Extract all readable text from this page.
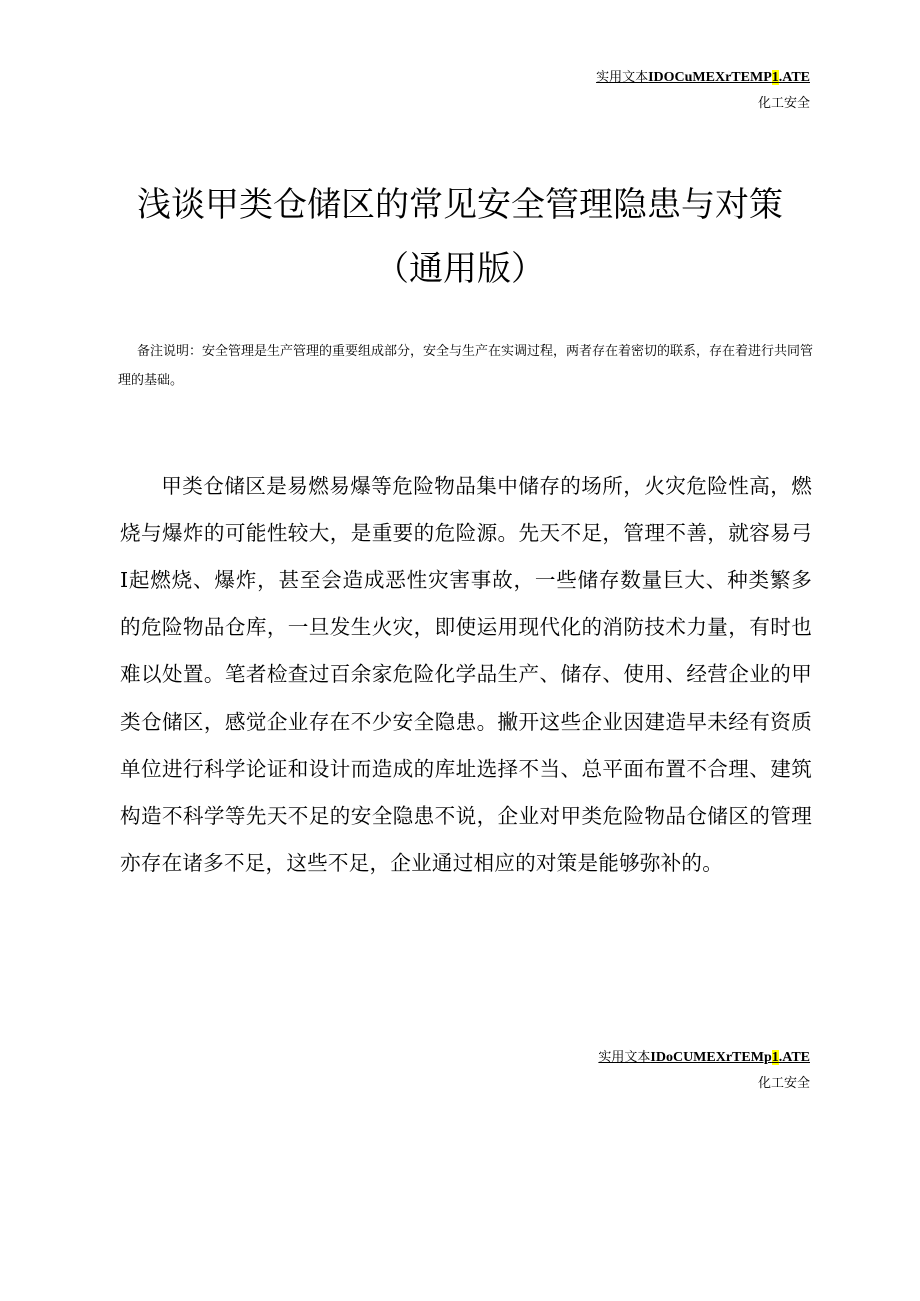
实用文本IDOCuMEXrTEMP1.ATE
化工安全
浅谈甲类仓储区的常见安全管理隐患与对策（通用版）

备注说明：安全管理是生产管理的重要组成部分，安全与生产在实调过程，两者存在着密切的联系，存在着进行共同管理的基础。

甲类仓储区是易燃易爆等危险物品集中储存的场所，火灾危险性高，燃烧与爆炸的可能性较大，是重要的危险源。先天不足，管理不善，就容易弓I起燃烧、爆炸，甚至会造成恶性灾害事故，一些储存数量巨大、种类繁多的危险物品仓库，一旦发生火灾，即使运用现代化的消防技术力量，有时也难以处置。笔者检查过百余家危险化学品生产、储存、使用、经营企业的甲类仓储区，感觉企业存在不少安全隐患。撇开这些企业因建造早未经有资质单位进行科学论证和设计而造成的库址选择不当、总平面布置不合理、建筑构造不科学等先天不足的安全隐患不说，企业对甲类危险物品仓储区的管理亦存在诸多不足，这些不足，企业通过相应的对策是能够弥补的。

实用文本IDoCUMEXrTEMp1.ATE
化工安全
